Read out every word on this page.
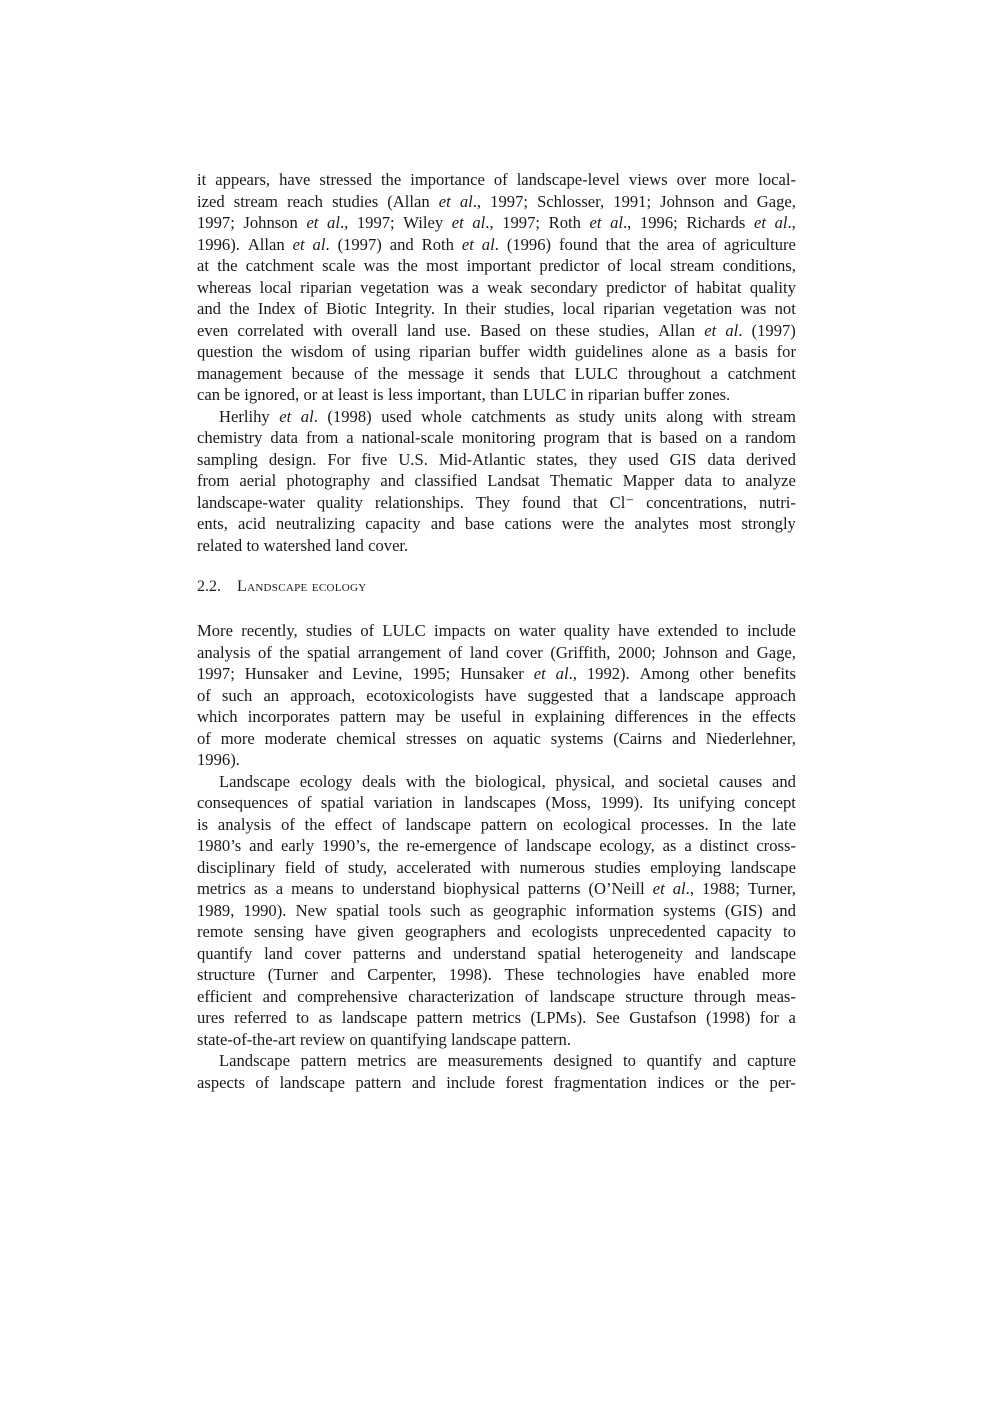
it appears, have stressed the importance of landscape-level views over more local-
ized stream reach studies (Allan et al., 1997; Schlosser, 1991; Johnson and Gage,
1997; Johnson et al., 1997; Wiley et al., 1997; Roth et al., 1996; Richards et al.,
1996). Allan et al. (1997) and Roth et al. (1996) found that the area of agriculture
at the catchment scale was the most important predictor of local stream conditions,
whereas local riparian vegetation was a weak secondary predictor of habitat quality
and the Index of Biotic Integrity. In their studies, local riparian vegetation was not
even correlated with overall land use. Based on these studies, Allan et al. (1997)
question the wisdom of using riparian buffer width guidelines alone as a basis for
management because of the message it sends that LULC throughout a catchment
can be ignored, or at least is less important, than LULC in riparian buffer zones.
Herlihy et al. (1998) used whole catchments as study units along with stream
chemistry data from a national-scale monitoring program that is based on a random
sampling design. For five U.S. Mid-Atlantic states, they used GIS data derived
from aerial photography and classified Landsat Thematic Mapper data to analyze
landscape-water quality relationships. They found that Cl⁻ concentrations, nutri-
ents, acid neutralizing capacity and base cations were the analytes most strongly
related to watershed land cover.
2.2. Landscape ecology
More recently, studies of LULC impacts on water quality have extended to include
analysis of the spatial arrangement of land cover (Griffith, 2000; Johnson and Gage,
1997; Hunsaker and Levine, 1995; Hunsaker et al., 1992). Among other benefits
of such an approach, ecotoxicologists have suggested that a landscape approach
which incorporates pattern may be useful in explaining differences in the effects
of more moderate chemical stresses on aquatic systems (Cairns and Niederlehner,
1996).
Landscape ecology deals with the biological, physical, and societal causes and
consequences of spatial variation in landscapes (Moss, 1999). Its unifying concept
is analysis of the effect of landscape pattern on ecological processes. In the late
1980’s and early 1990’s, the re-emergence of landscape ecology, as a distinct cross-
disciplinary field of study, accelerated with numerous studies employing landscape
metrics as a means to understand biophysical patterns (O’Neill et al., 1988; Turner,
1989, 1990). New spatial tools such as geographic information systems (GIS) and
remote sensing have given geographers and ecologists unprecedented capacity to
quantify land cover patterns and understand spatial heterogeneity and landscape
structure (Turner and Carpenter, 1998). These technologies have enabled more
efficient and comprehensive characterization of landscape structure through meas-
ures referred to as landscape pattern metrics (LPMs). See Gustafson (1998) for a
state-of-the-art review on quantifying landscape pattern.
Landscape pattern metrics are measurements designed to quantify and capture
aspects of landscape pattern and include forest fragmentation indices or the per-
